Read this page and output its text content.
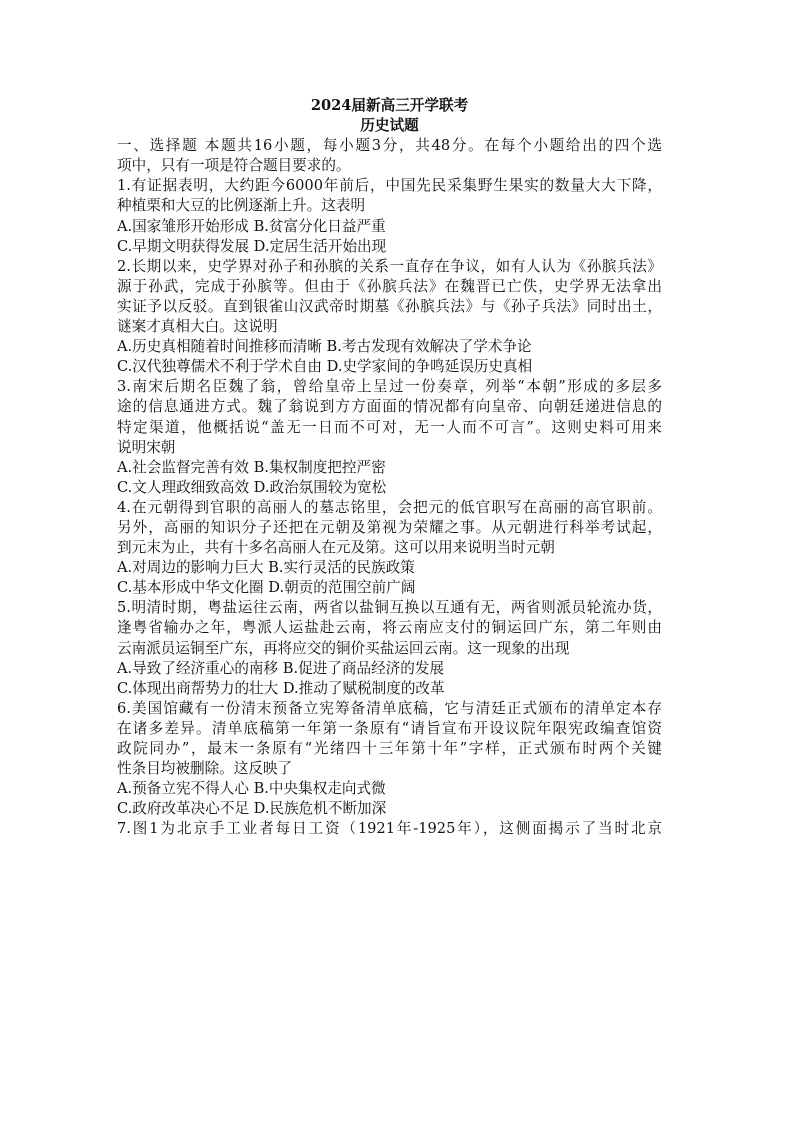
2024届新高三开学联考
历史试题
一、选择题 本题共16小题，每小题3分，共48分。在每个小题给出的四个选
项中，只有一项是符合题目要求的。
1.有证据表明，大约距今6000年前后，中国先民采集野生果实的数量大大下降，
种植栗和大豆的比例逐渐上升。这表明
A.国家雏形开始形成 B.贫富分化日益严重
C.早期文明获得发展 D.定居生活开始出现
2.长期以来，史学界对孙子和孙膑的关系一直存在争议，如有人认为《孙膑兵法》
源于孙武，完成于孙膑等。但由于《孙膑兵法》在魏晋已亡佚，史学界无法拿出
实证予以反驳。直到银雀山汉武帝时期墓《孙膑兵法》与《孙子兵法》同时出土，
谜案才真相大白。这说明
A.历史真相随着时间推移而清晰 B.考古发现有效解决了学术争论
C.汉代独尊儒术不利于学术自由 D.史学家间的争鸣延误历史真相
3.南宋后期名臣魏了翁，曾给皇帝上呈过一份奏章，列举“本朝”形成的多层多
途的信息通进方式。魏了翁说到方方面面的情况都有向皇帝、向朝廷递进信息的
特定渠道，他概括说“盖无一日而不可对，无一人而不可言”。这则史料可用来
说明宋朝
A.社会监督完善有效 B.集权制度把控严密
C.文人理政细致高效 D.政治氛围较为宽松
4.在元朝得到官职的高丽人的墓志铭里，会把元的低官职写在高丽的高官职前。
另外，高丽的知识分子还把在元朝及第视为荣耀之事。从元朝进行科举考试起，
到元末为止，共有十多名高丽人在元及第。这可以用来说明当时元朝
A.对周边的影响力巨大 B.实行灵活的民族政策
C.基本形成中华文化圈 D.朝贡的范围空前广阔
5.明清时期，粤盐运往云南，两省以盐铜互换以互通有无，两省则派员轮流办货，
逢粤省输办之年，粤派人运盐赴云南，将云南应支付的铜运回广东，第二年则由
云南派员运铜至广东，再将应交的铜价买盐运回云南。这一现象的出现
A.导致了经济重心的南移 B.促进了商品经济的发展
C.体现出商帮势力的壮大 D.推动了赋税制度的改革
6.美国馆藏有一份清末预备立宪筹备清单底稿，它与清廷正式颁布的清单定本存
在诸多差异。清单底稿第一年第一条原有“请旨宣布开设议院年限宪政编查馆资
政院同办”，最末一条原有“光绪四十三年第十年”字样，正式颁布时两个关键
性条目均被删除。这反映了
A.预备立宪不得人心 B.中央集权走向式微
C.政府改革决心不足 D.民族危机不断加深
7.图1为北京手工业者每日工资（1921年-1925年），这侧面揭示了当时北京
